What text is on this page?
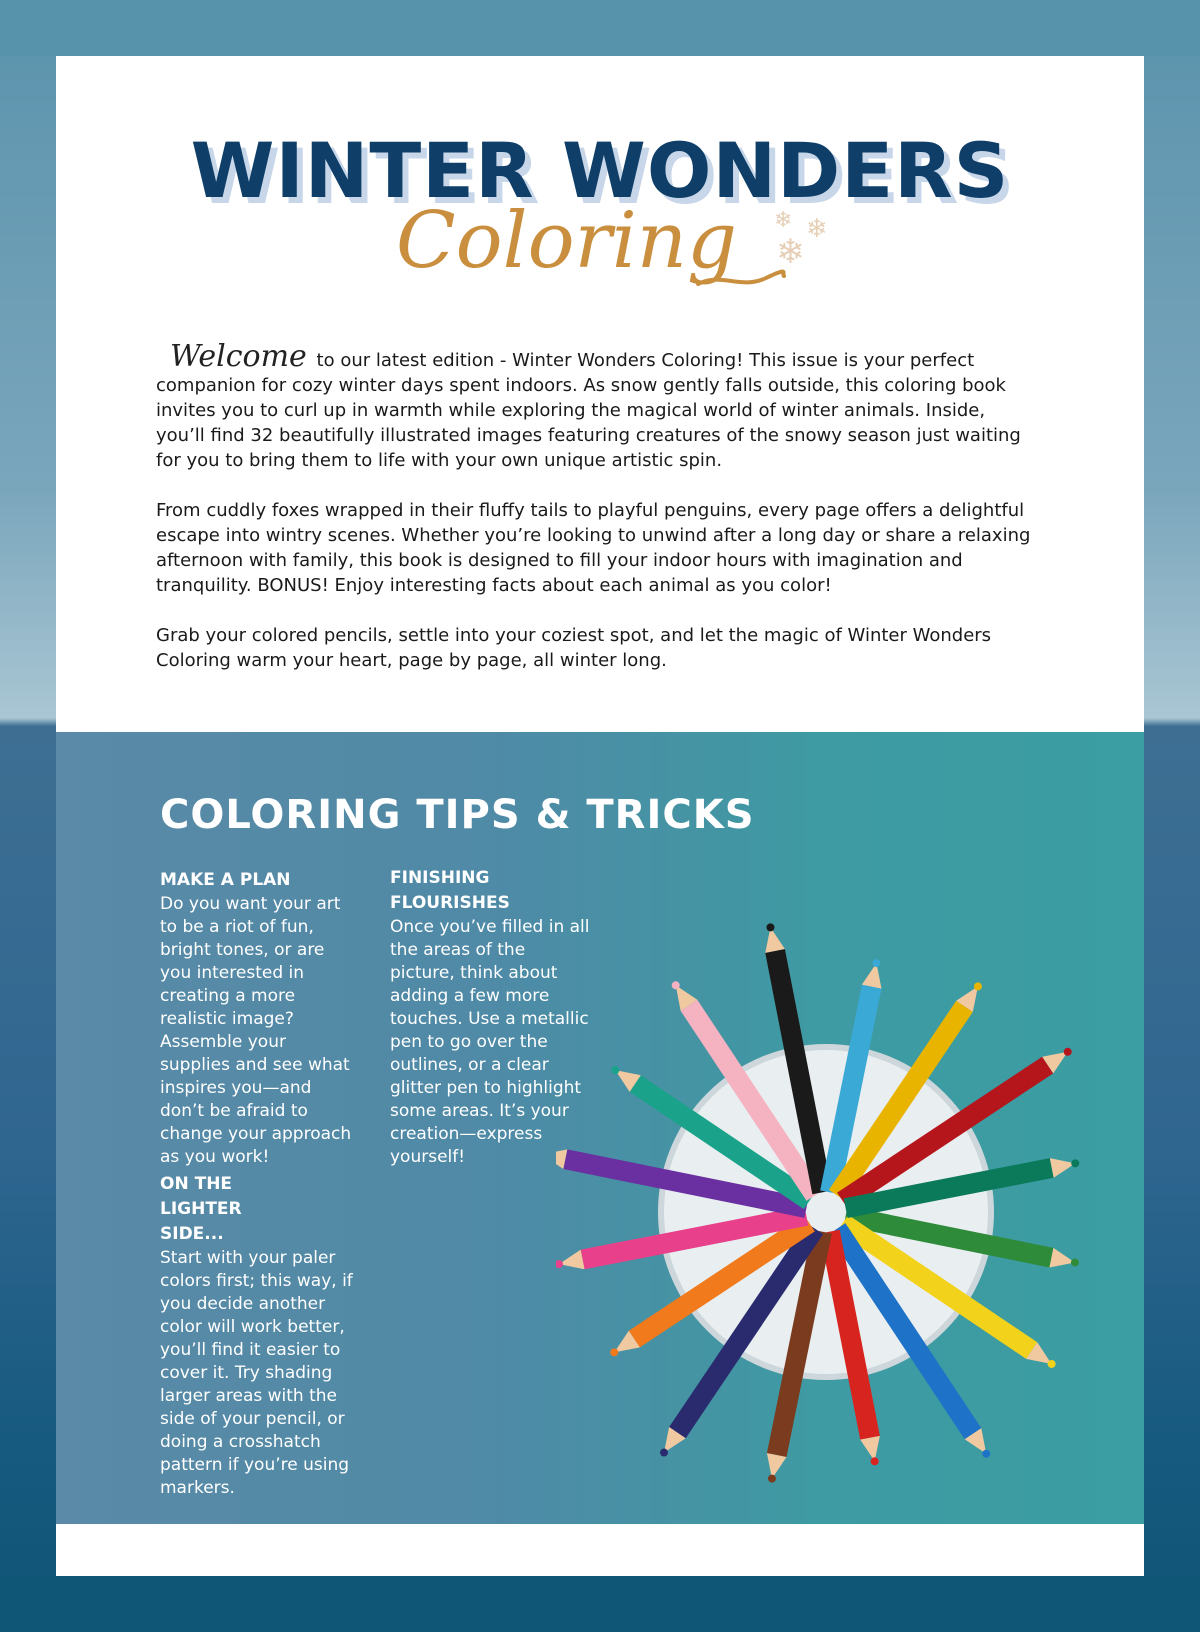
WINTER WONDERS
Coloring	❄ ❄
❄

Welcome to our latest edition - Winter Wonders Coloring! This issue is your perfect companion for cozy winter days spent indoors. As snow gently falls outside, this coloring book invites you to curl up in warmth while exploring the magical world of winter animals. Inside, you’ll find 32 beautifully illustrated images featuring creatures of the snowy season just waiting for you to bring them to life with your own unique artistic spin.

From cuddly foxes wrapped in their fluffy tails to playful penguins, every page offers a delightful escape into wintry scenes. Whether you’re looking to unwind after a long day or share a relaxing afternoon with family, this book is designed to fill your indoor hours with imagination and tranquility. BONUS! Enjoy interesting facts about each animal as you color!

Grab your colored pencils, settle into your coziest spot, and let the magic of Winter Wonders Coloring warm your heart, page by page, all winter long.

COLORING TIPS & TRICKS
MAKE A PLAN

Do you want your art to be a riot of fun, bright tones, or are you interested in creating a more realistic image? Assemble your supplies and see what inspires you—and don’t be afraid to change your approach as you work!

ON THE LIGHTER SIDE...

Start with your paler colors first; this way, if you decide another color will work better, you’ll find it easier to cover it. Try shading larger areas with the side of your pencil, or doing a crosshatch pattern if you’re using markers.

FINISHING FLOURISHES

Once you’ve filled in all the areas of the picture, think about adding a few more touches. Use a metallic pen to go over the outlines, or a clear glitter pen to highlight some areas. It’s your creation—express yourself!
